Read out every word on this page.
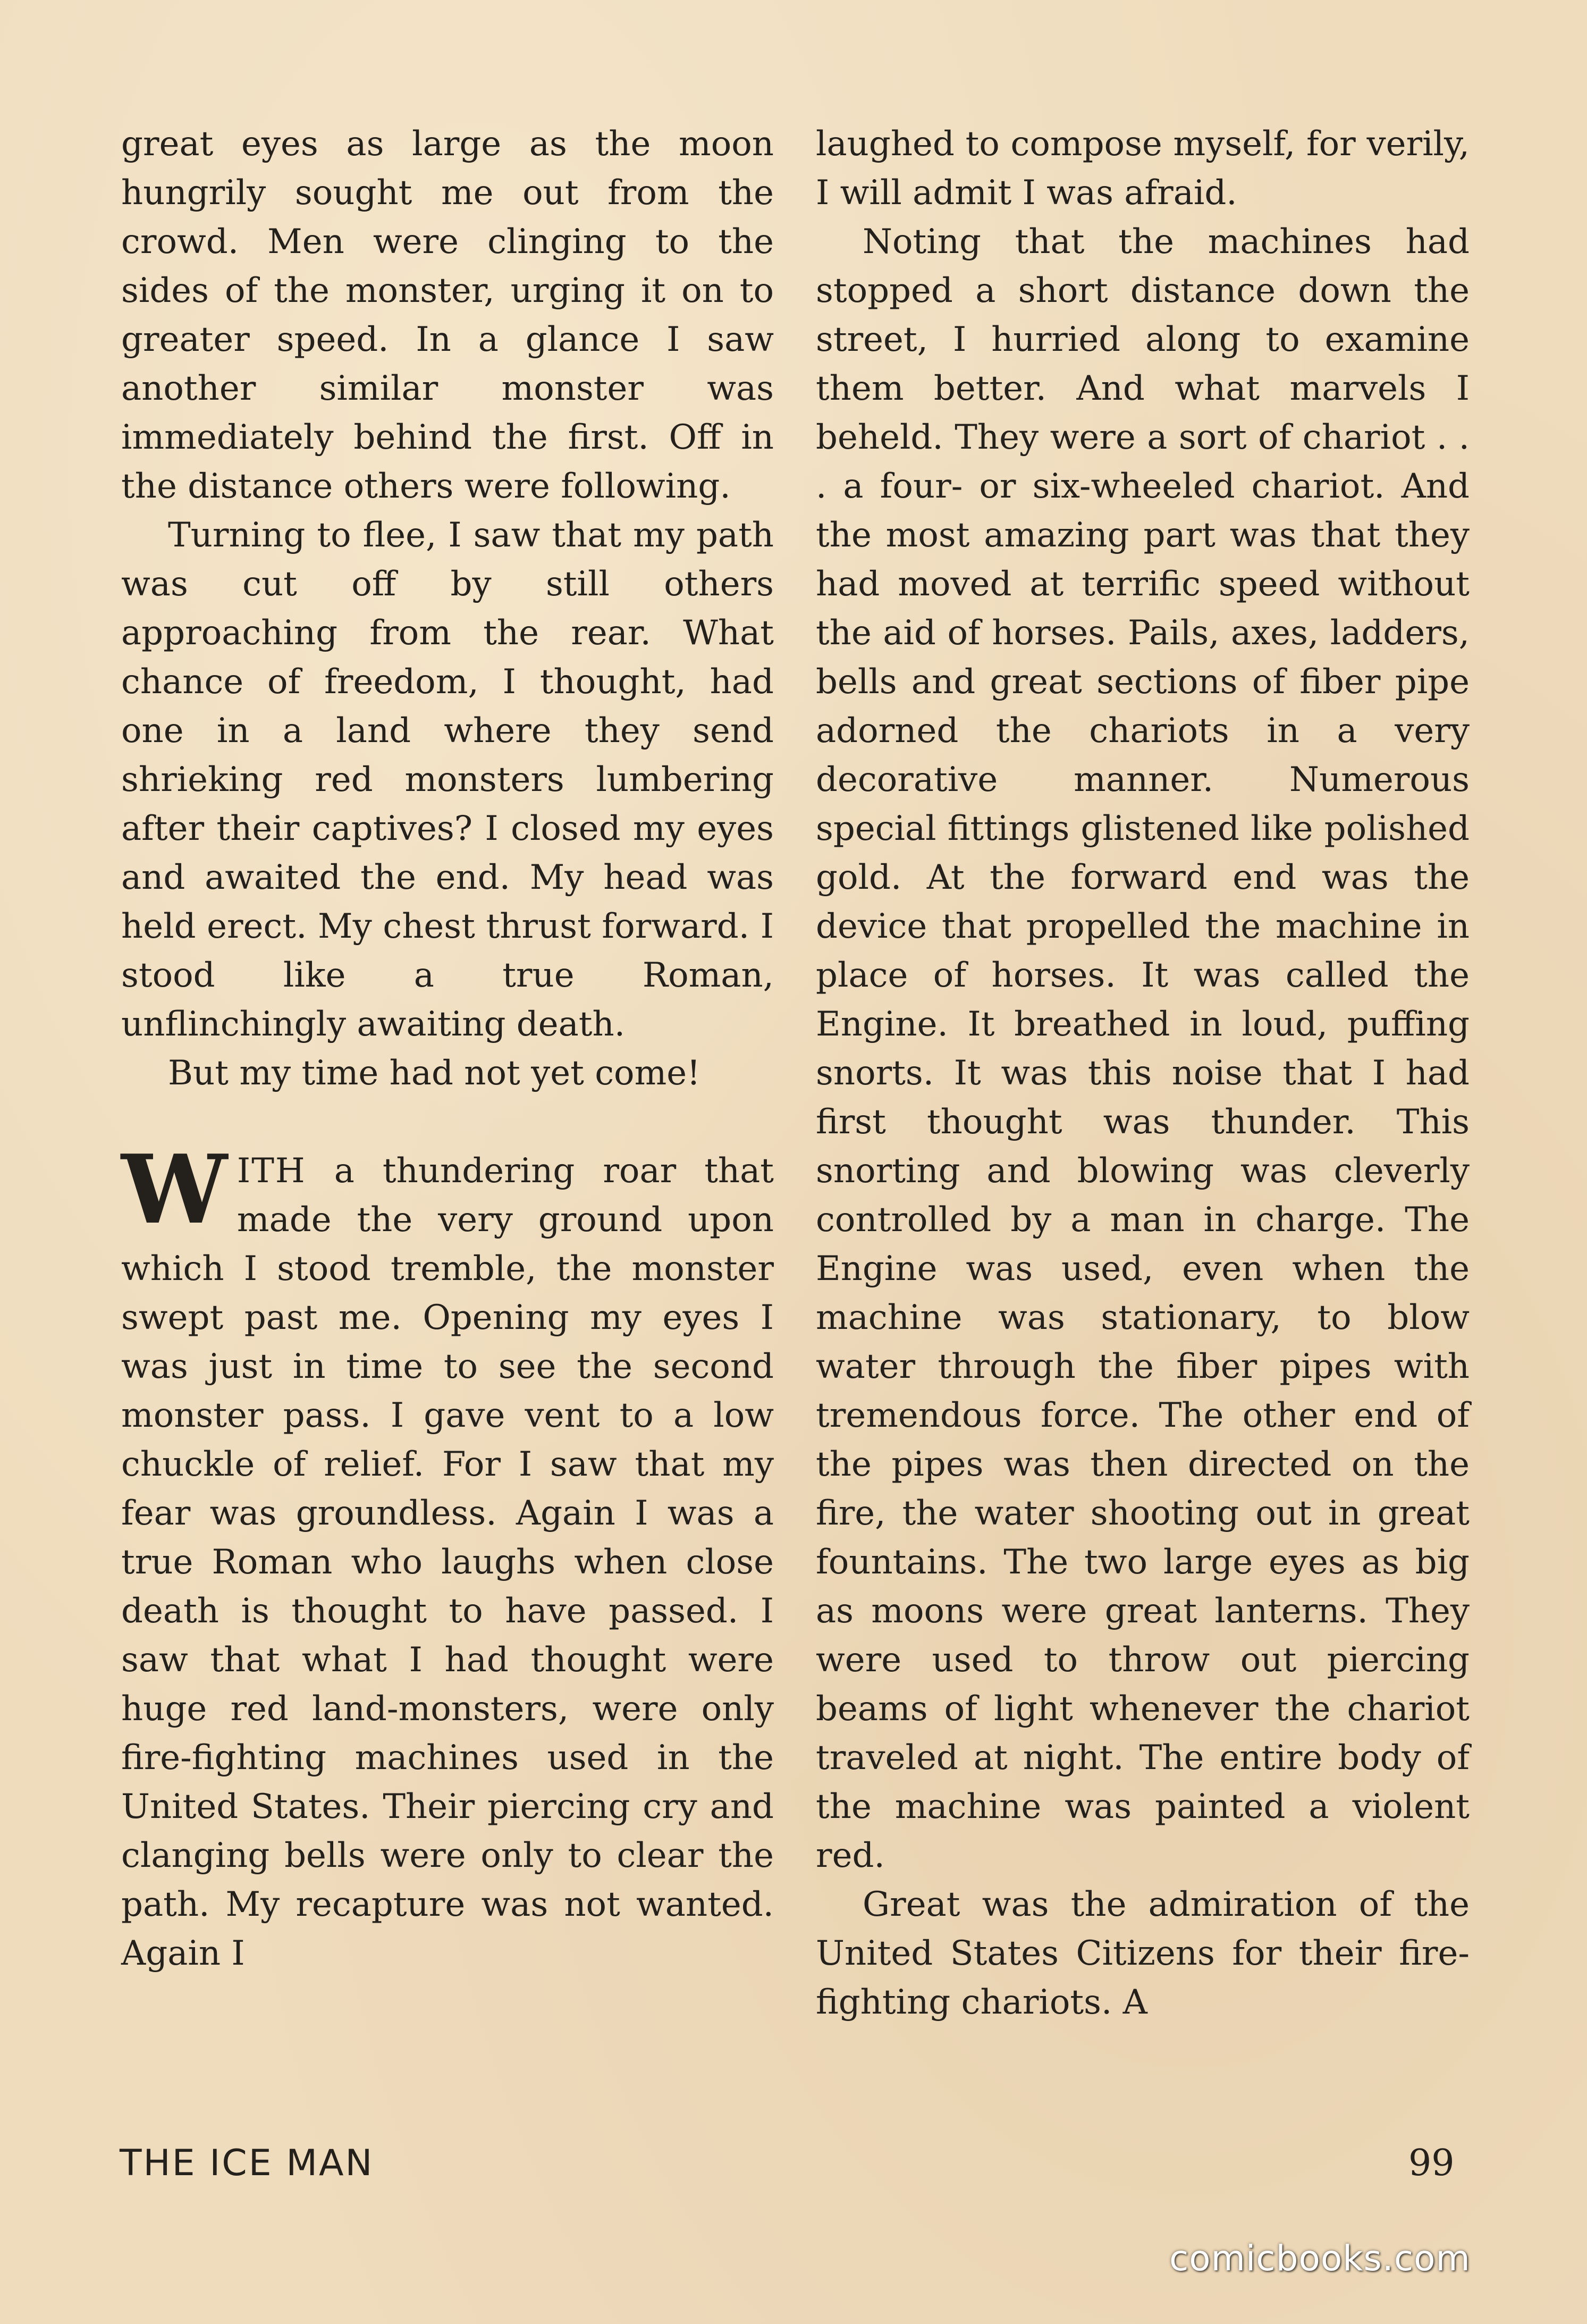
great eyes as large as the moon hungrily sought me out from the crowd. Men were clinging to the sides of the monster, urging it on to greater speed. In a glance I saw another similar monster was immediately behind the first. Off in the distance others were following.

Turning to flee, I saw that my path was cut off by still others approaching from the rear. What chance of freedom, I thought, had one in a land where they send shrieking red monsters lumbering after their captives? I closed my eyes and awaited the end. My head was held erect. My chest thrust forward. I stood like a true Roman, unflinchingly awaiting death.

But my time had not yet come!

WITH a thundering roar that made the very ground upon which I stood tremble, the monster swept past me. Opening my eyes I was just in time to see the second monster pass. I gave vent to a low chuckle of relief. For I saw that my fear was groundless. Again I was a true Roman who laughs when close death is thought to have passed. I saw that what I had thought were huge red land-monsters, were only fire-fighting machines used in the United States. Their piercing cry and clanging bells were only to clear the path. My recapture was not wanted. Again I

laughed to compose myself, for verily, I will admit I was afraid.

Noting that the machines had stopped a short distance down the street, I hurried along to examine them better. And what marvels I beheld. They were a sort of chariot . . . a four- or six-wheeled chariot. And the most amazing part was that they had moved at terrific speed without the aid of horses. Pails, axes, ladders, bells and great sections of fiber pipe adorned the chariots in a very decorative manner. Numerous special fittings glistened like polished gold. At the forward end was the device that propelled the machine in place of horses. It was called the Engine. It breathed in loud, puffing snorts. It was this noise that I had first thought was thunder. This snorting and blowing was cleverly controlled by a man in charge. The Engine was used, even when the machine was stationary, to blow water through the fiber pipes with tremendous force. The other end of the pipes was then directed on the fire, the water shooting out in great fountains. The two large eyes as big as moons were great lanterns. They were used to throw out piercing beams of light whenever the chariot traveled at night. The entire body of the machine was painted a violent red.

Great was the admiration of the United States Citizens for their fire-fighting chariots. A

THE ICE MAN	99
comicbooks.com
